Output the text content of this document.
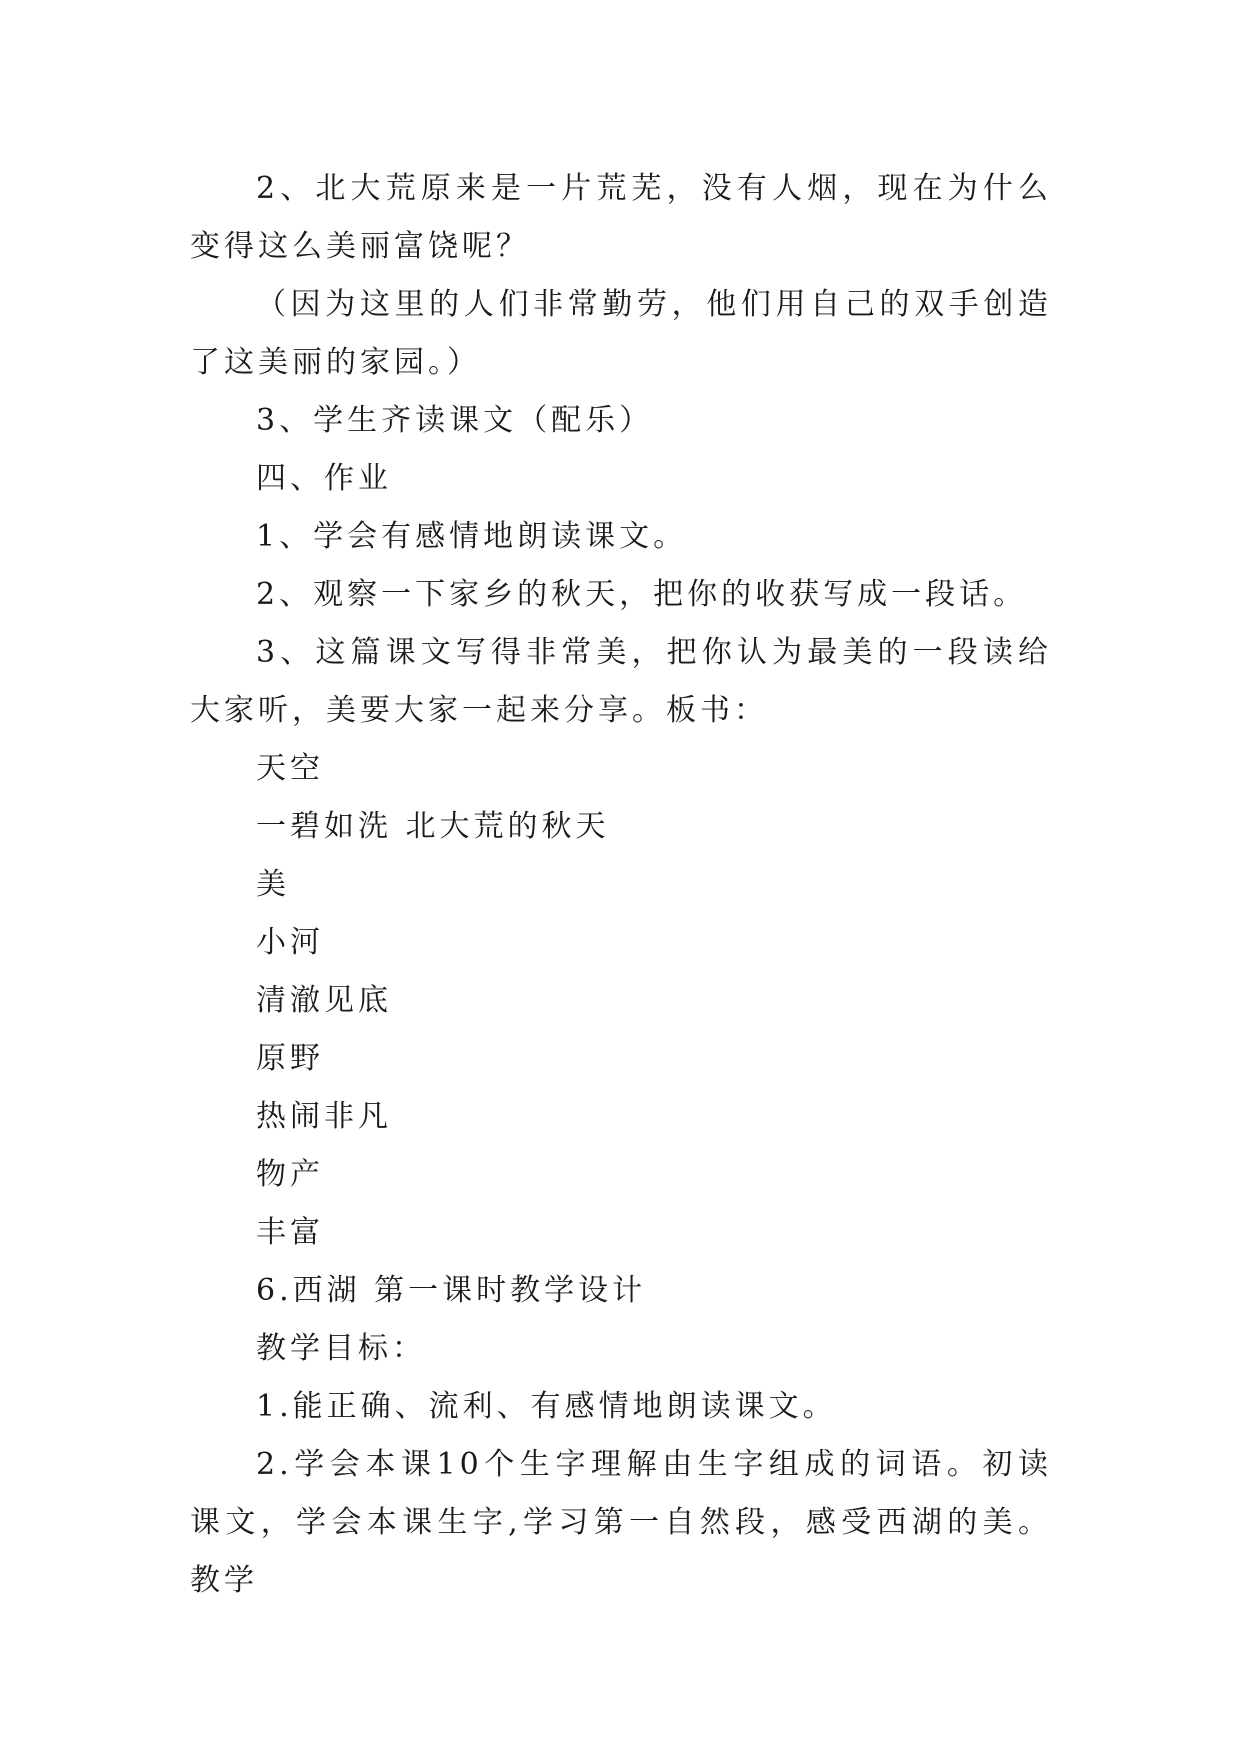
2、北大荒原来是一片荒芜，没有人烟，现在为什么变得这么美丽富饶呢？

（因为这里的人们非常勤劳，他们用自己的双手创造了这美丽的家园。）

3、学生齐读课文（配乐）

四、作业

1、学会有感情地朗读课文。

2、观察一下家乡的秋天，把你的收获写成一段话。

3、这篇课文写得非常美，把你认为最美的一段读给大家听，美要大家一起来分享。板书：

天空

一碧如洗 北大荒的秋天

美

小河

清澈见底

原野

热闹非凡

物产

丰富

6.西湖 第一课时教学设计

教学目标：

1.能正确、流利、有感情地朗读课文。

2.学会本课10个生字理解由生字组成的词语。初读课文，学会本课生字,学习第一自然段，感受西湖的美。教学
